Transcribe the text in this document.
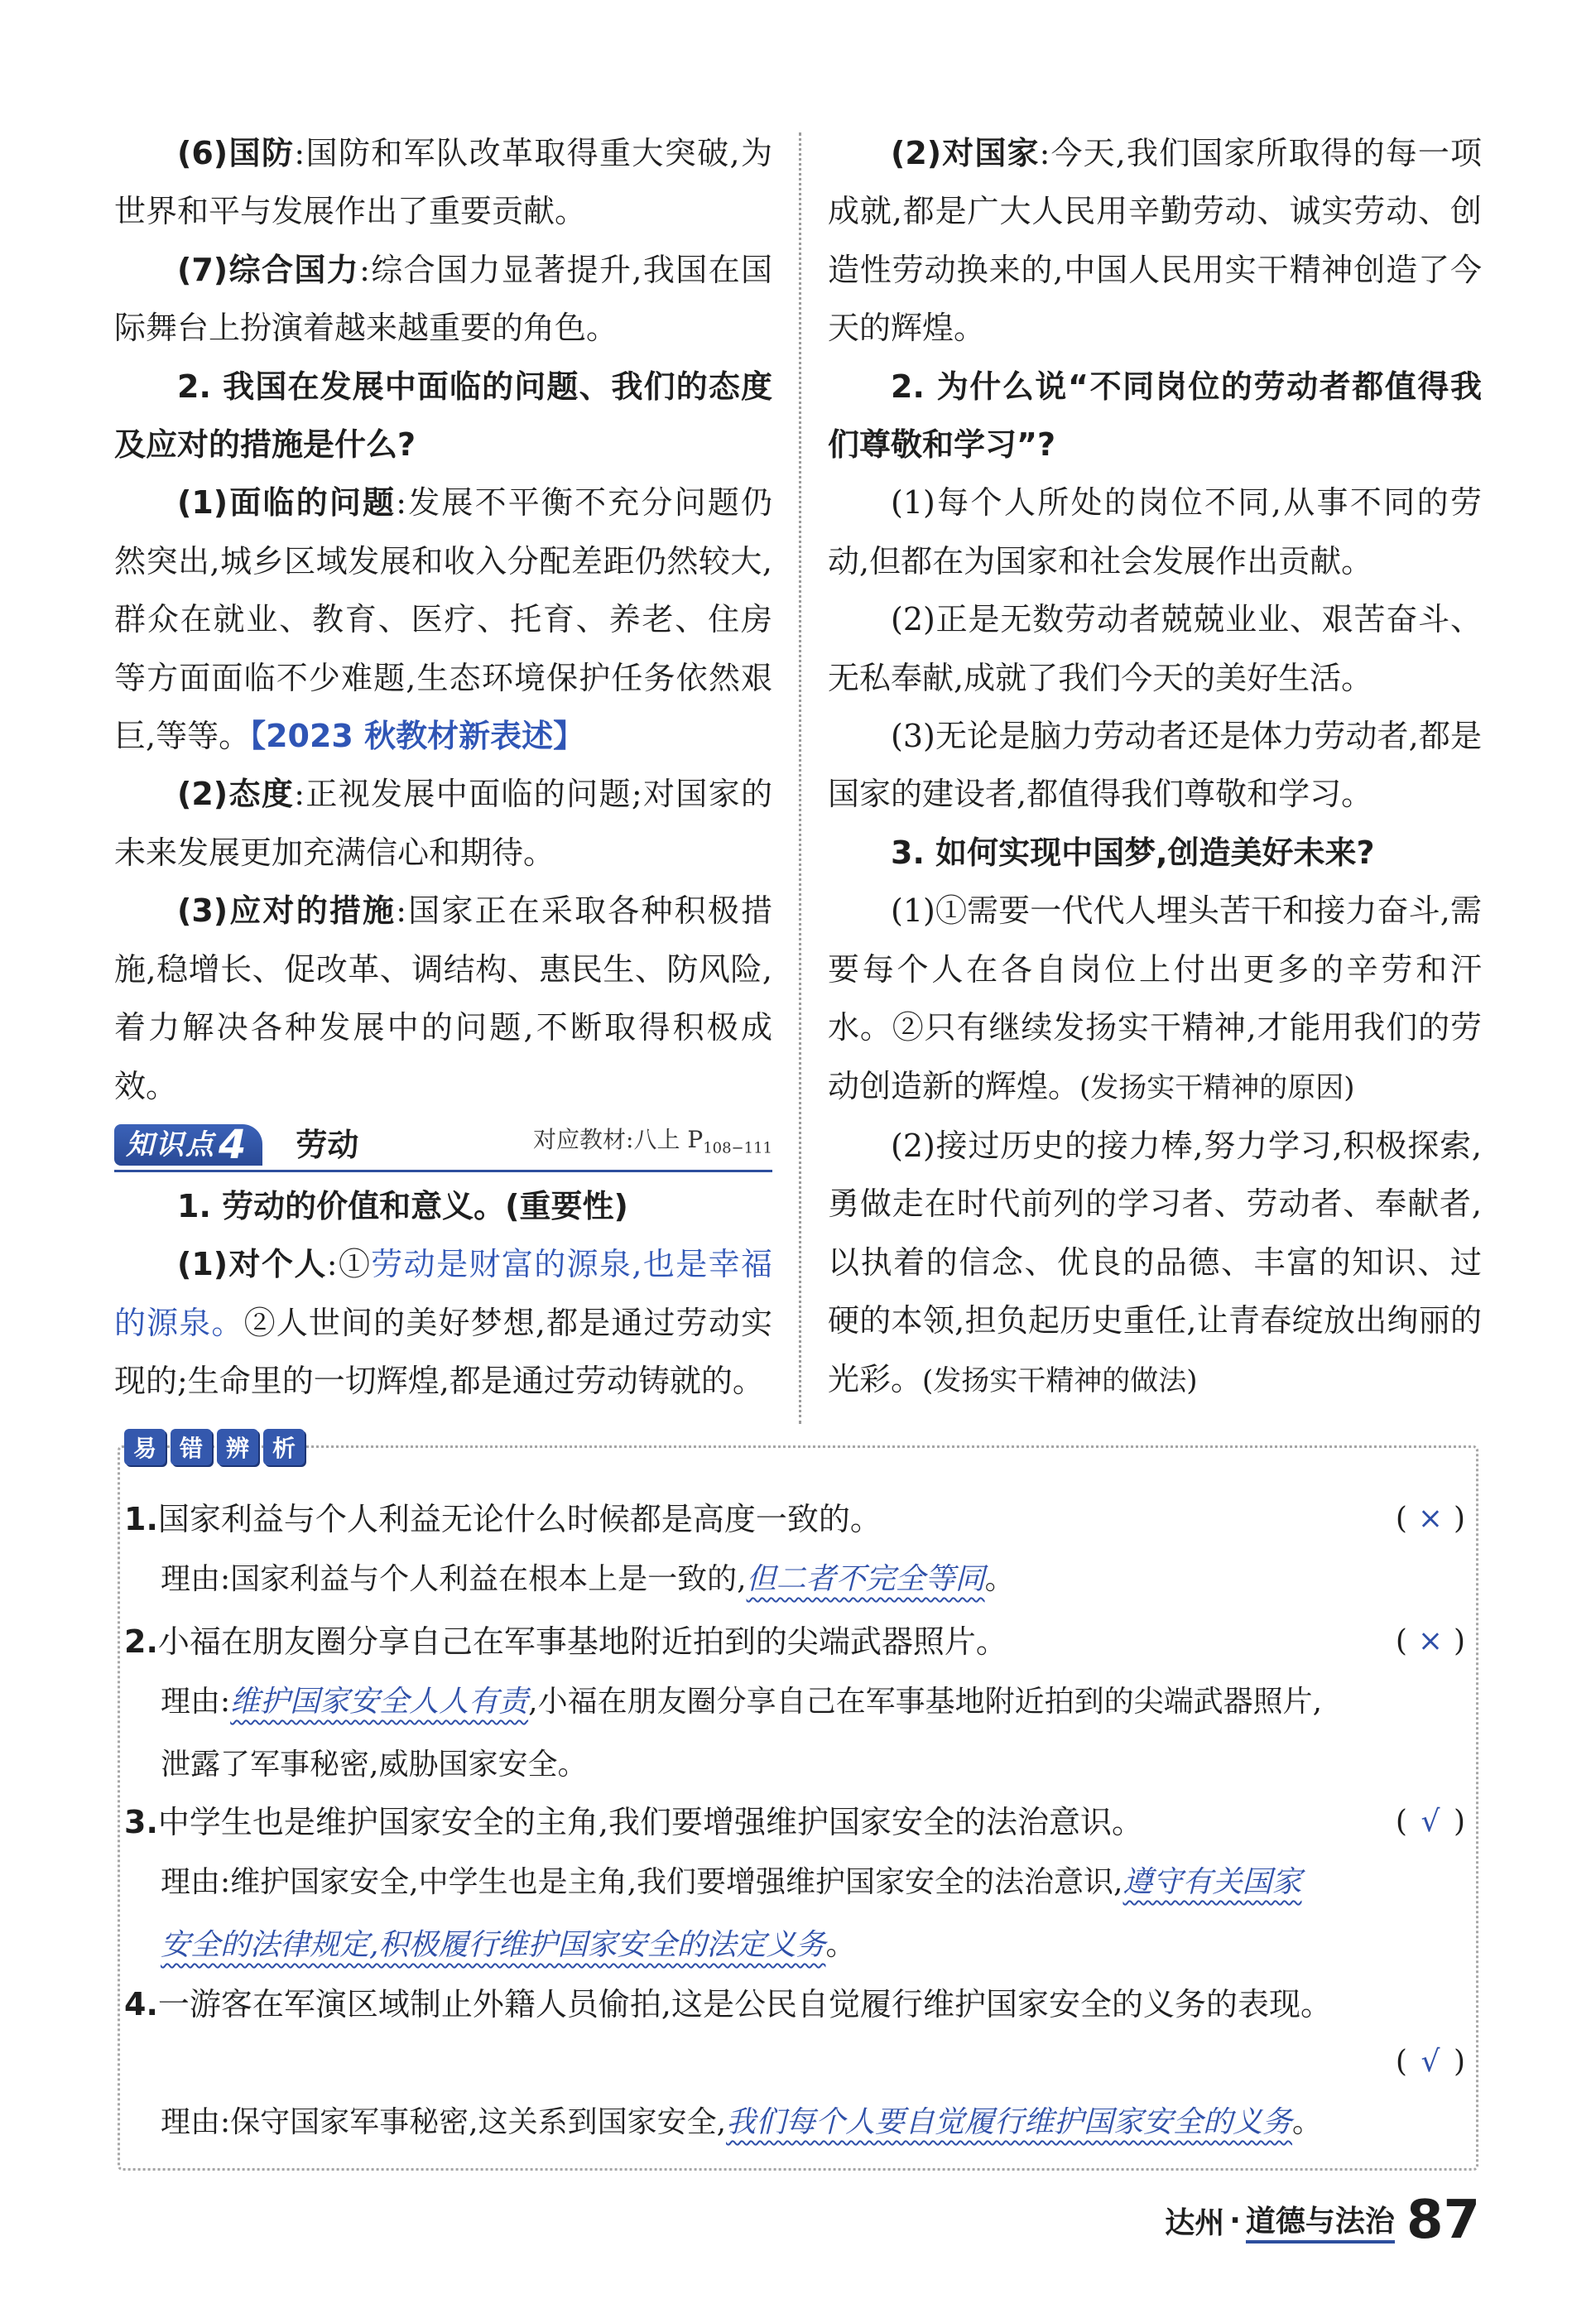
(6)国防:国防和军队改革取得重大突破,为世界和平与发展作出了重要贡献。

(7)综合国力:综合国力显著提升,我国在国际舞台上扮演着越来越重要的角色。

2. 我国在发展中面临的问题、我们的态度及应对的措施是什么?

(1)面临的问题:发展不平衡不充分问题仍然突出,城乡区域发展和收入分配差距仍然较大,群众在就业、教育、医疗、托育、养老、住房等方面面临不少难题,生态环境保护任务依然艰巨,等等。【2023 秋教材新表述】

(2)态度:正视发展中面临的问题;对国家的未来发展更加充满信心和期待。

(3)应对的措施:国家正在采取各种积极措施,稳增长、促改革、调结构、惠民生、防风险,着力解决各种发展中的问题,不断取得积极成效。

知识点 4 劳动	对应教材:八上 $P_{108-111}$

1. 劳动的价值和意义。(重要性)

(1)对个人:①劳动是财富的源泉,也是幸福的源泉。②人世间的美好梦想,都是通过劳动实现的;生命里的一切辉煌,都是通过劳动铸就的。

(2)对国家:今天,我们国家所取得的每一项成就,都是广大人民用辛勤劳动、诚实劳动、创造性劳动换来的,中国人民用实干精神创造了今天的辉煌。

2. 为什么说“不同岗位的劳动者都值得我们尊敬和学习”?

(1)每个人所处的岗位不同,从事不同的劳动,但都在为国家和社会发展作出贡献。

(2)正是无数劳动者兢兢业业、艰苦奋斗、无私奉献,成就了我们今天的美好生活。

(3)无论是脑力劳动者还是体力劳动者,都是国家的建设者,都值得我们尊敬和学习。

3. 如何实现中国梦,创造美好未来?

(1)①需要一代代人埋头苦干和接力奋斗,需要每个人在各自岗位上付出更多的辛劳和汗水。②只有继续发扬实干精神,才能用我们的劳动创造新的辉煌。(发扬实干精神的原因)

(2)接过历史的接力棒,努力学习,积极探索,勇做走在时代前列的学习者、劳动者、奉献者,以执着的信念、优良的品德、丰富的知识、过硬的本领,担负起历史重任,让青春绽放出绚丽的光彩。(发扬实干精神的做法)

易 错 辨 析
1.国家利益与个人利益无论什么时候都是高度一致的。	( × )
理由:国家利益与个人利益在根本上是一致的,但二者不完全等同。
2.小福在朋友圈分享自己在军事基地附近拍到的尖端武器照片。	( × )
理由:维护国家安全人人有责,小福在朋友圈分享自己在军事基地附近拍到的尖端武器照片,
泄露了军事秘密,威胁国家安全。
3.中学生也是维护国家安全的主角,我们要增强维护国家安全的法治意识。	( √ )
理由:维护国家安全,中学生也是主角,我们要增强维护国家安全的法治意识,遵守有关国家
安全的法律规定,积极履行维护国家安全的法定义务。
4.一游客在军演区域制止外籍人员偷拍,这是公民自觉履行维护国家安全的义务的表现。
( √ )
理由:保守国家军事秘密,这关系到国家安全,我们每个人要自觉履行维护国家安全的义务。
达州 · 道德与法治 87
